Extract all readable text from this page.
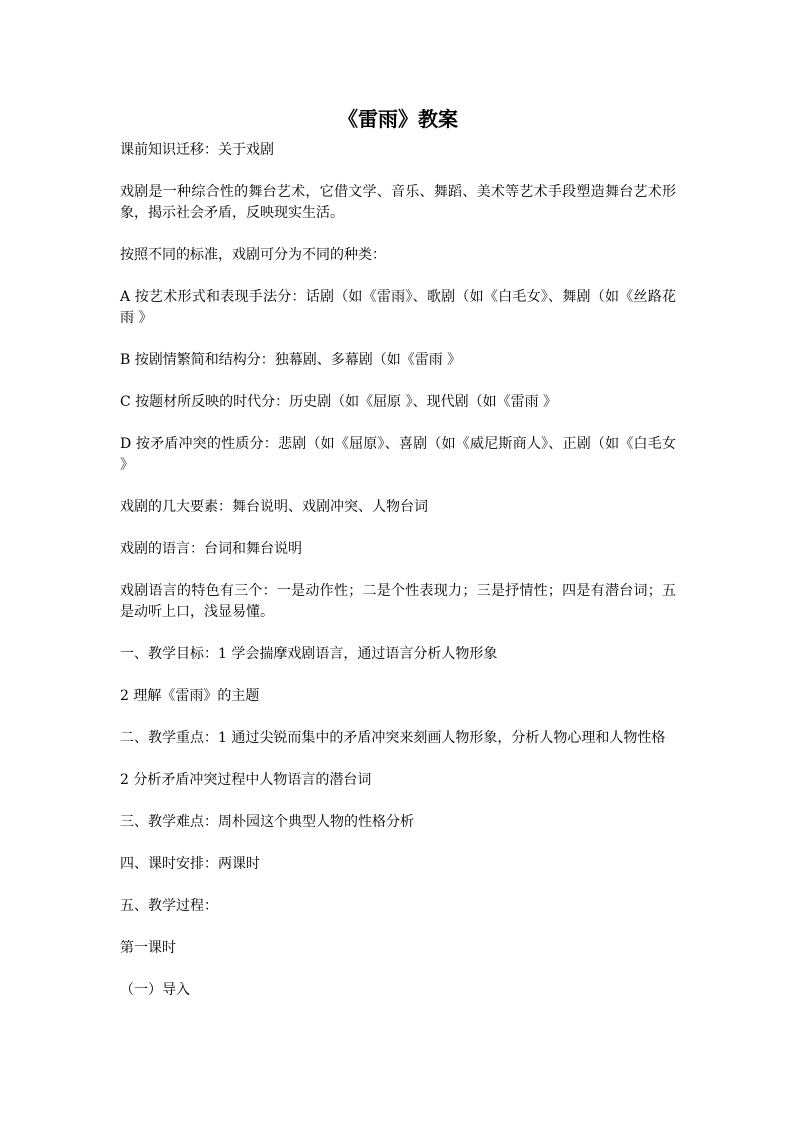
《雷雨》教案

课前知识迁移：关于戏剧

戏剧是一种综合性的舞台艺术，它借文学、音乐、舞蹈、美术等艺术手段塑造舞台艺术形象，揭示社会矛盾，反映现实生活。

按照不同的标准，戏剧可分为不同的种类：

A 按艺术形式和表现手法分：话剧（如《雷雨》、歌剧（如《白毛女》、舞剧（如《丝路花雨 》

B 按剧情繁简和结构分：独幕剧、多幕剧（如《雷雨 》

C 按题材所反映的时代分：历史剧（如《屈原 》、现代剧（如《雷雨 》

D 按矛盾冲突的性质分：悲剧（如《屈原》、喜剧（如《威尼斯商人》、正剧（如《白毛女 》

戏剧的几大要素：舞台说明、戏剧冲突、人物台词

戏剧的语言：台词和舞台说明

戏剧语言的特色有三个：一是动作性；二是个性表现力；三是抒情性；四是有潜台词；五是动听上口，浅显易懂。

一、教学目标：1 学会揣摩戏剧语言，通过语言分析人物形象

2 理解《雷雨》的主题

二、教学重点：1 通过尖锐而集中的矛盾冲突来刻画人物形象，分析人物心理和人物性格

2 分析矛盾冲突过程中人物语言的潜台词

三、教学难点：周朴园这个典型人物的性格分析

四、课时安排：两课时

五、教学过程：

第一课时

（一）导入
